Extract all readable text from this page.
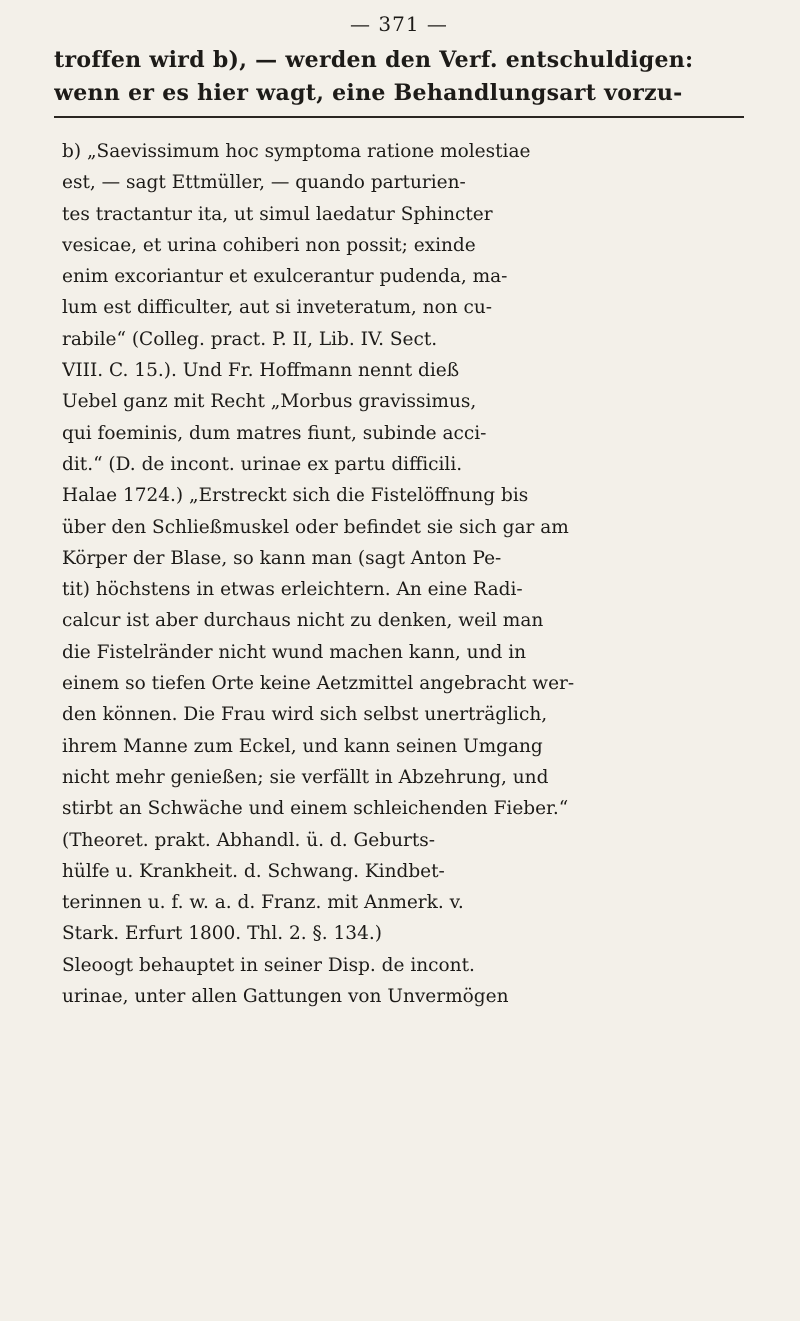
— 371 —
troffen wird b), — werden den Verf. entschuldigen:
wenn er es hier wagt, eine Behandlungsart vorzu-
b) „Saevissimum hoc symptoma ratione molestiae
est, — sagt Ettmüller, — quando parturien-
tes tractantur ita, ut simul laedatur Sphincter
vesicae, et urina cohiberi non possit; exinde
enim excoriantur et exulcerantur pudenda, ma-
lum est difficulter, aut si inveteratum, non cu-
rabile“ (Colleg. pract. P. II, Lib. IV. Sect.
VIII. C. 15.). Und Fr. Hoffmann nennt dieß
Uebel ganz mit Recht „Morbus gravissimus,
qui foeminis, dum matres fiunt, subinde acci-
dit.“ (D. de incont. urinae ex partu difficili.
Halae 1724.) „Erstreckt sich die Fistelöffnung bis
über den Schließmuskel oder befindet sie sich gar am
Körper der Blase, so kann man (sagt Anton Pe-
tit) höchstens in etwas erleichtern. An eine Radi-
calcur ist aber durchaus nicht zu denken, weil man
die Fistelränder nicht wund machen kann, und in
einem so tiefen Orte keine Aetzmittel angebracht wer-
den können. Die Frau wird sich selbst unerträglich,
ihrem Manne zum Eckel, und kann seinen Umgang
nicht mehr genießen; sie verfällt in Abzehrung, und
stirbt an Schwäche und einem schleichenden Fieber.“
(Theoret. prakt. Abhandl. ü. d. Geburts-
hülfe u. Krankheit. d. Schwang. Kindbet-
terinnen u. f. w. a. d. Franz. mit Anmerk. v.
Stark. Erfurt 1800. Thl. 2. §. 134.)
Sleoogt behauptet in seiner Disp. de incont.
urinae, unter allen Gattungen von Unvermögen
